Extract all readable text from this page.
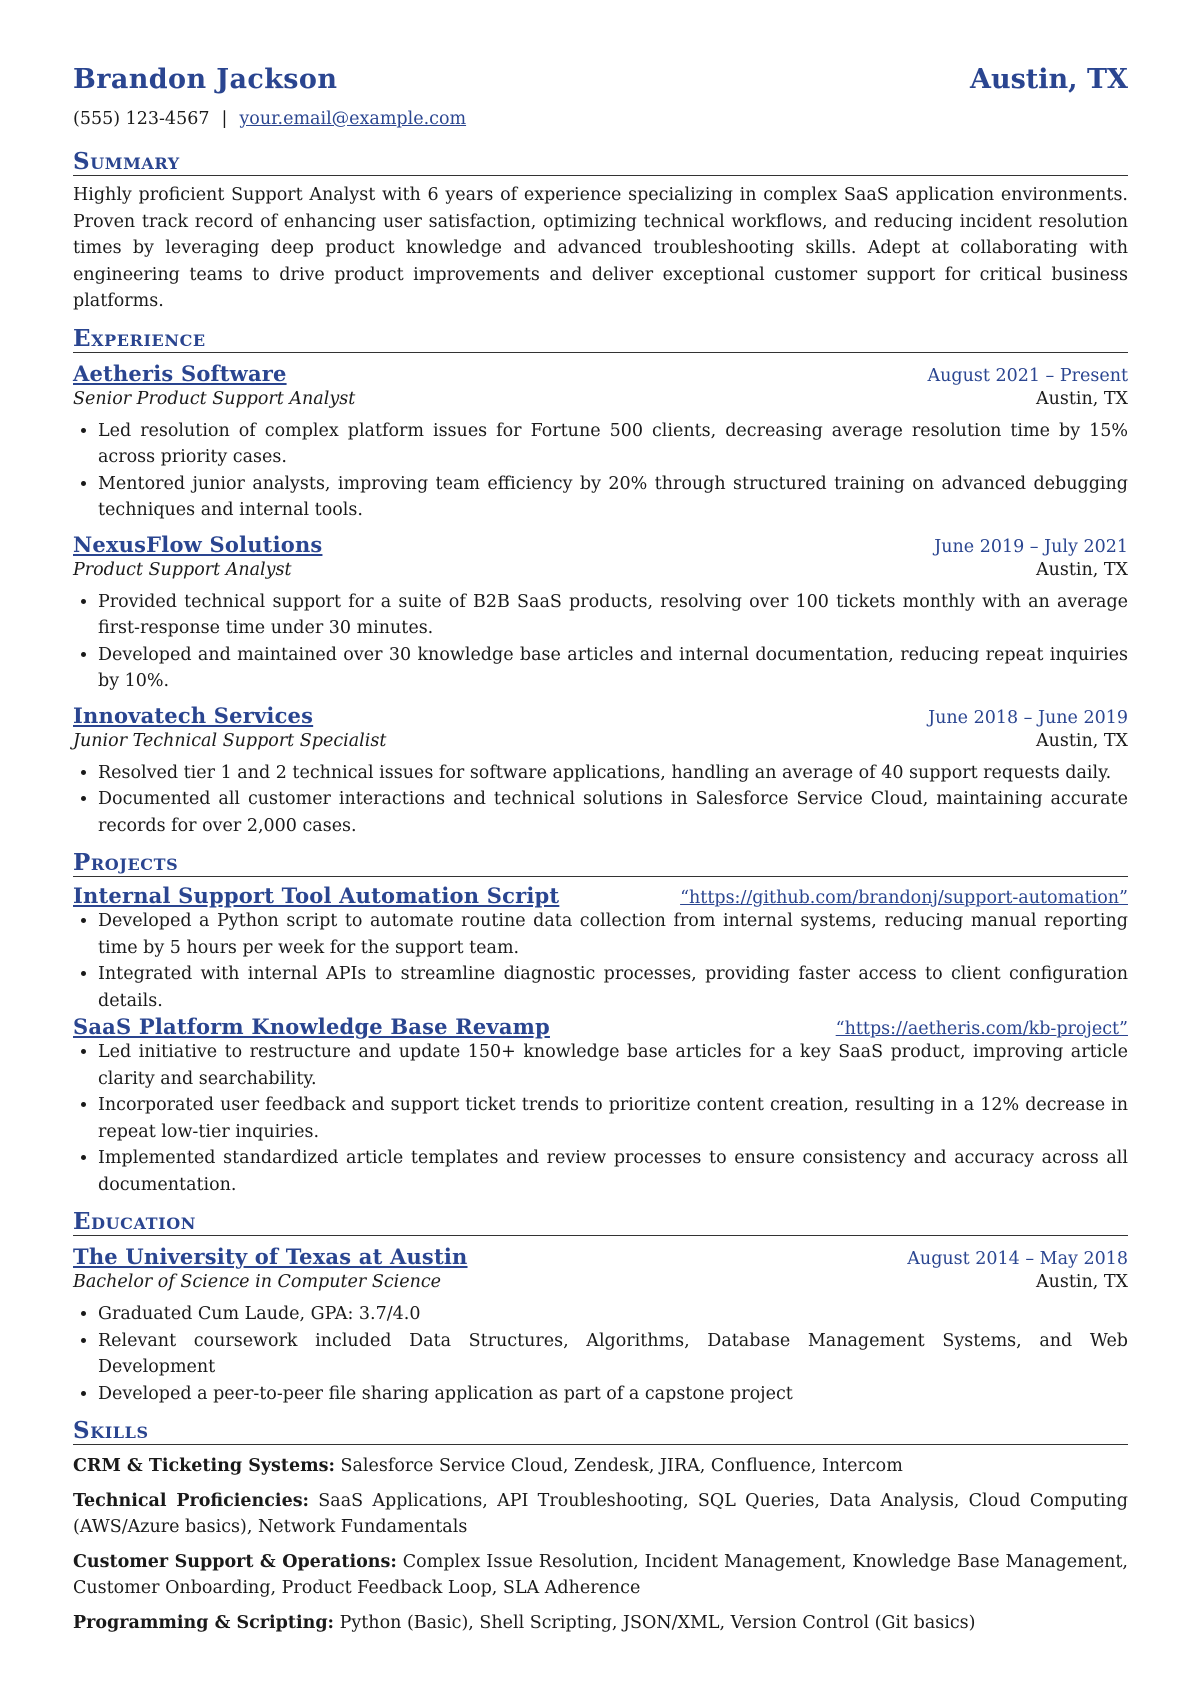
Brandon Jackson	Austin, TX
(555) 123-4567 | your.email@example.com
Summary
Highly proficient Support Analyst with 6 years of experience specializing in complex SaaS application environments. Proven track record of enhancing user satisfaction, optimizing technical workflows, and reducing incident resolution times by leveraging deep product knowledge and advanced troubleshooting skills. Adept at collaborating with engineering teams to drive product improvements and deliver exceptional customer support for critical business platforms.
Experience
Aetheris Software	August 2021 – Present
Senior Product Support Analyst	Austin, TX
• Led resolution of complex platform issues for Fortune 500 clients, decreasing average resolution time by 15% across priority cases.
• Mentored junior analysts, improving team efficiency by 20% through structured training on advanced debugging techniques and internal tools.
NexusFlow Solutions	June 2019 – July 2021
Product Support Analyst	Austin, TX
• Provided technical support for a suite of B2B SaaS products, resolving over 100 tickets monthly with an average first-response time under 30 minutes.
• Developed and maintained over 30 knowledge base articles and internal documentation, reducing repeat inquiries by 10%.
Innovatech Services	June 2018 – June 2019
Junior Technical Support Specialist	Austin, TX
• Resolved tier 1 and 2 technical issues for software applications, handling an average of 40 support requests daily.
• Documented all customer interactions and technical solutions in Salesforce Service Cloud, maintaining accurate records for over 2,000 cases.
Projects
Internal Support Tool Automation Script	“https://github.com/brandonj/support-automation”
• Developed a Python script to automate routine data collection from internal systems, reducing manual reporting time by 5 hours per week for the support team.
• Integrated with internal APIs to streamline diagnostic processes, providing faster access to client configuration details.
SaaS Platform Knowledge Base Revamp	“https://aetheris.com/kb-project”
• Led initiative to restructure and update 150+ knowledge base articles for a key SaaS product, improving article clarity and searchability.
• Incorporated user feedback and support ticket trends to prioritize content creation, resulting in a 12% decrease in repeat low-tier inquiries.
• Implemented standardized article templates and review processes to ensure consistency and accuracy across all documentation.
Education
The University of Texas at Austin	August 2014 – May 2018
Bachelor of Science in Computer Science	Austin, TX
• Graduated Cum Laude, GPA: 3.7/4.0
• Relevant coursework included Data Structures, Algorithms, Database Management Systems, and Web Development
• Developed a peer-to-peer file sharing application as part of a capstone project
Skills
CRM & Ticketing Systems: Salesforce Service Cloud, Zendesk, JIRA, Confluence, Intercom
Technical Proficiencies: SaaS Applications, API Troubleshooting, SQL Queries, Data Analysis, Cloud Computing (AWS/Azure basics), Network Fundamentals
Customer Support & Operations: Complex Issue Resolution, Incident Management, Knowledge Base Management, Customer Onboarding, Product Feedback Loop, SLA Adherence
Programming & Scripting: Python (Basic), Shell Scripting, JSON/XML, Version Control (Git basics)
